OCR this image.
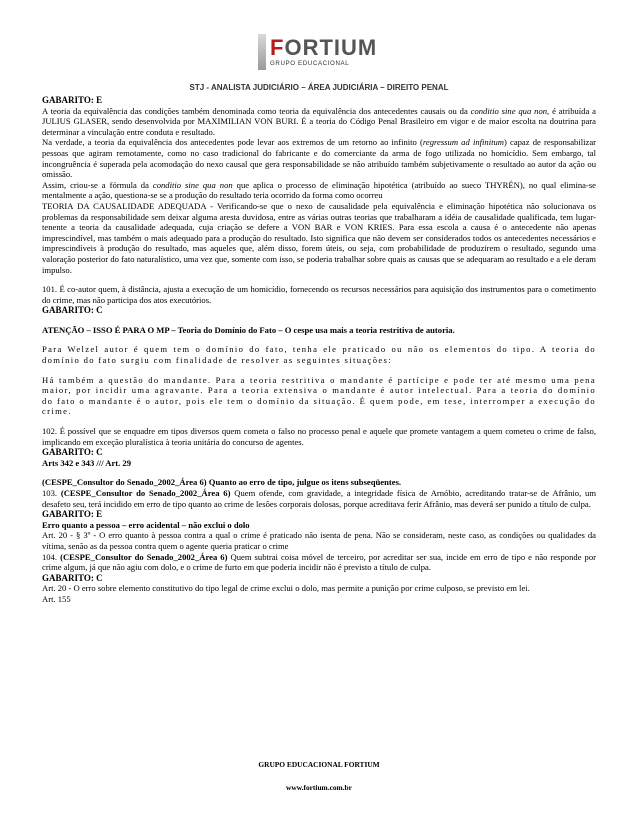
FORTIUM
GRUPO EDUCACIONAL
STJ - ANALISTA JUDICIÁRIO – ÁREA JUDICIÁRIA – DIREITO PENAL

GABARITO: E

A teoria da equivalência das condições também denominada como teoria da equivalência dos antecedentes causais ou da conditio sine qua non, é atribuída a JULIUS GLASER, sendo desenvolvida por MAXIMILIAN VON BURI. É a teoria do Código Penal Brasileiro em vigor e de maior escolta na doutrina para determinar a vinculação entre conduta e resultado.

Na verdade, a teoria da equivalência dos antecedentes pode levar aos extremos de um retorno ao infinito (regressum ad infinitum) capaz de responsabilizar pessoas que agiram remotamente, como no caso tradicional do fabricante e do comerciante da arma de fogo utilizada no homicídio. Sem embargo, tal incongruência é superada pela acomodação do nexo causal que gera responsabilidade se não atribuído também subjetivamente o resultado ao autor da ação ou omissão.

Assim, criou-se a fórmula da conditio sine qua non que aplica o processo de eliminação hipotética (atribuído ao sueco THYRÉN), no qual elimina-se mentalmente a ação, questiona-se se a produção do resultado teria ocorrido da forma como ocorreu

TEORIA DA CAUSALIDADE ADEQUADA - Verificando-se que o nexo de causalidade pela equivalência e eliminação hipotética não solucionava os problemas da responsabilidade sem deixar alguma aresta duvidosa, entre as várias outras teorias que trabalharam a idéia de causalidade qualificada, tem lugar-tenente a teoria da causalidade adequada, cuja criação se defere a VON BAR e VON KRIES. Para essa escola a causa é o antecedente não apenas imprescindível, mas também o mais adequado para a produção do resultado. Isto significa que não devem ser considerados todos os antecedentes necessários e imprescindíveis à produção do resultado, mas aqueles que, além disso, forem úteis, ou seja, com probabilidade de produzirem o resultado, segundo uma valoração posterior do fato naturalístico, uma vez que, somente com isso, se poderia trabalhar sobre quais as causas que se adequaram ao resultado e a ele deram impulso.

101. É co-autor quem, à distância, ajusta a execução de um homicídio, fornecendo os recursos necessários para aquisição dos instrumentos para o cometimento do crime, mas não participa dos atos executórios.

GABARITO: C

ATENÇÃO – ISSO É PARA O MP – Teoria do Domínio do Fato – O cespe usa mais a teoria restritiva de autoria.

Para Welzel autor é quem tem o domínio do fato, tenha ele praticado ou não os elementos do tipo. A teoria do domínio do fato surgiu com finalidade de resolver as seguintes situações:

Há também a questão do mandante. Para a teoria restritiva o mandante é partícipe e pode ter até mesmo uma pena maior, por incidir uma agravante. Para a teoria extensiva o mandante é autor intelectual. Para a teoria do domínio do fato o mandante é o autor, pois ele tem o domínio da situação. É quem pode, em tese, interromper a execução do crime.

102. É possível que se enquadre em tipos diversos quem cometa o falso no processo penal e aquele que promete vantagem a quem cometeu o crime de falso, implicando em exceção pluralística à teoria unitária do concurso de agentes.

GABARITO: C

Arts 342 e 343 /// Art. 29

(CESPE_Consultor do Senado_2002_Área 6) Quanto ao erro de tipo, julgue os itens subseqüentes.

103. (CESPE_Consultor do Senado_2002_Área 6) Quem ofende, com gravidade, a integridade física de Arnóbio, acreditando tratar-se de Afrânio, um desafeto seu, terá incidido em erro de tipo quanto ao crime de lesões corporais dolosas, porque acreditava ferir Afrânio, mas deverá ser punido a título de culpa.

GABARITO: E

Erro quanto a pessoa – erro acidental – não exclui o dolo

Art. 20 - § 3º - O erro quanto à pessoa contra a qual o crime é praticado não isenta de pena. Não se consideram, neste caso, as condições ou qualidades da vítima, senão as da pessoa contra quem o agente queria praticar o crime

104. (CESPE_Consultor do Senado_2002_Área 6) Quem subtrai coisa móvel de terceiro, por acreditar ser sua, incide em erro de tipo e não responde por crime algum, já que não agiu com dolo, e o crime de furto em que poderia incidir não é previsto a título de culpa.

GABARITO: C

Art. 20 - O erro sobre elemento constitutivo do tipo legal de crime exclui o dolo, mas permite a punição por crime culposo, se previsto em lei.

Art. 155

GRUPO EDUCACIONAL FORTIUM
www.fortium.com.br
